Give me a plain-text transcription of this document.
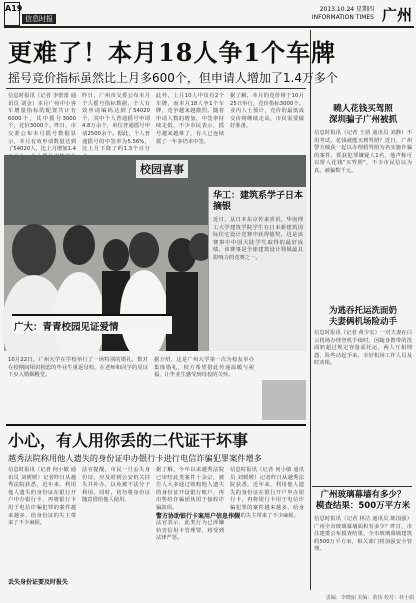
A19
信息时报
2013.10.24 星期四
INFORMATION TIMES 广州
更难了！本月18人争1个车牌
摇号竞价指标虽然比上月多600个，但申请人增加了1.4万多个
信息时报讯（记者 李蕾蕾 通讯员 刘金）本月广州中小客车增量指标的配置共计有6000个，其中摇号3000个，竞价3000个。昨日，市交委公布本月摇号数据显示，本月有效申请数量达到了54020人，比上月增加1.4
昨日，广州市交委公布本月个人摇号指标数据，个人有效申请编码达到了54020个，其中个人普通摇号申请4.8万余个，单位普通摇号申请2500余个。据此，个人普通摇号的中签率为5.56%，比上月下降了约1.3个百分
此外，上月10人中仅有2个车牌，而本月18人争1个车牌，竞争越来越激烈。随着申请人数的增加，中签率持续走低，不少市民表示，摇号越来越难了，有人已连续摇了一年多仍未中签。
据了解，本月的竞价将于10月25日举行，竞价指标3000个。业内人士预计，竞价的最低成交价将继续走高，市民需要做好准备。
校园喜事
华工：建筑系学子日本摘银
近日，从日本东京传来喜讯，华南理工大学建筑学院学生在日本新建筑国际住宅设计竞赛中获得银奖，这是该赛事中中国大陆学生取得的最好成绩。该赛事是全球建筑设计领域最具影响力的竞赛之一。
广大：青青校园见证爱情
10月22日，广州大学在学校举行了一场特别的婚礼，数对在校期间相识相恋的毕业生重返母校，在老师和同学的见证下步入婚姻殿堂。
据介绍，这是广州大学第一次为校友举办集体婚礼，校方希望借此传递温暖与祝福，让毕业生感受到母校的关怀。
小心，有人用你丢的二代证干坏事
越秀法院称用他人遗失的身份证申办银行卡进行电信诈骗犯罪案件增多
信息时报讯（记者 何小敏 通讯员 刘媛媛）记者昨日从越秀法院获悉，近年来，利用他人遗失的身份证在银行开户申办银行卡，再将银行卡用于电信诈骗犯罪的案件越来越多，给身份证的失主带来了不少麻烦。
丢失身份证要及时报失
法官提醒，市民一旦丢失身份证，应及时到公安机关挂失并补办，以免被不法分子利用。同时，切勿将身份证随意借给他人使用。
据了解，今年以来越秀法院已审结此类案件十余宗，被告人大多通过收购他人遗失的身份证开设银行账户，再出售给诈骗团伙用于接收诈骗款项。
警方协助银行卡案用户信息作假
法官表示，此类行为已涉嫌妨害信用卡管理罪，将受到法律严惩。
信息时报讯（记者 何小敏 通讯员 刘媛媛）记者昨日从越秀法院获悉，近年来，利用他人遗失的身份证在银行开户申办银行卡，再将银行卡用于电信诈骗犯罪的案件越来越多，给身份证的失主带来了不少麻烦。
曉人花钱买驾照
深圳骗子广州被抓
信息时报讯（记者 王倩 通讯员 刘静）不用考试，花钱就能买到驾照？近日，广州警方破获一起以办理假驾照为名实施诈骗的案件，抓获犯罪嫌疑人1名，他声称可以帮人花钱"买驾照"，不少市民信以为真，被骗数千元。
为逃吞托运洗面奶
夫妻俩机场险动手
信息时报讯（记者 黄少宏）一对夫妻在白云机场办理登机手续时，因随身携带的洗面奶超过规定容量需托运，两人互相埋怨，险些动起手来，幸好机场工作人员及时劝阻。
广州玻璃幕墙有多少？
模查结果：500万平方米
信息时报讯（记者 林洁 通讯员 陈国强）广州全市玻璃幕墙面积有多少？昨日，市住建委公布摸查结果，全市玻璃幕墙建筑约500万平方米，相关部门将加强安全管理。
责编：李晓丽 美编：黄伟 校对：林小娟
